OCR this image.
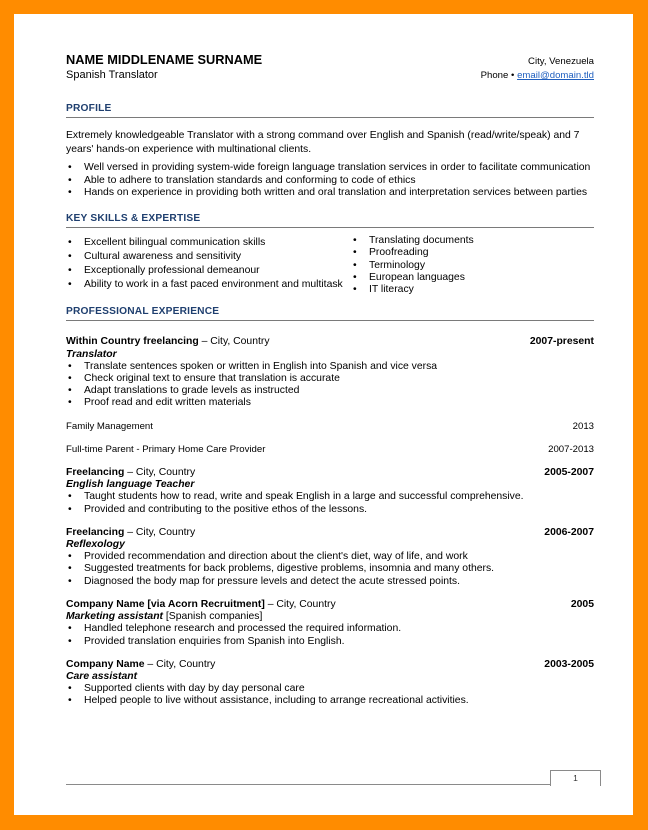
NAME MIDDLENAME SURNAME	City, Venezuela
Spanish Translator	Phone • email@domain.tld
PROFILE
Extremely knowledgeable Translator with a strong command over English and Spanish (read/write/speak) and 7 years' hands-on experience with multinational clients.
• Well versed in providing system-wide foreign language translation services in order to facilitate communication
• Able to adhere to translation standards and conforming to code of ethics
• Hands on experience in providing both written and oral translation and interpretation services between parties
KEY SKILLS & EXPERTISE
• Excellent bilingual communication skills
• Cultural awareness and sensitivity
• Exceptionally professional demeanour
• Ability to work in a fast paced environment and multitask
• Translating documents
• Proofreading
• Terminology
• European languages
• IT literacy
PROFESSIONAL EXPERIENCE
Within Country freelancing – City, Country	2007-present
Translator
• Translate sentences spoken or written in English into Spanish and vice versa
• Check original text to ensure that translation is accurate
• Adapt translations to grade levels as instructed
• Proof read and edit written materials
Family Management	2013
Full-time Parent - Primary Home Care Provider	2007-2013
Freelancing – City, Country	2005-2007
English language Teacher
• Taught students how to read, write and speak English in a large and successful comprehensive.
• Provided and contributing to the positive ethos of the lessons.
Freelancing – City, Country	2006-2007
Reflexology
• Provided recommendation and direction about the client's diet, way of life, and work
• Suggested treatments for back problems, digestive problems, insomnia and many others.
• Diagnosed the body map for pressure levels and detect the acute stressed points.
Company Name [via Acorn Recruitment] – City, Country	2005
Marketing assistant [Spanish companies]
• Handled telephone research and processed the required information.
• Provided translation enquiries from Spanish into English.
Company Name – City, Country	2003-2005
Care assistant
• Supported clients with day by day personal care
• Helped people to live without assistance, including to arrange recreational activities.
1
